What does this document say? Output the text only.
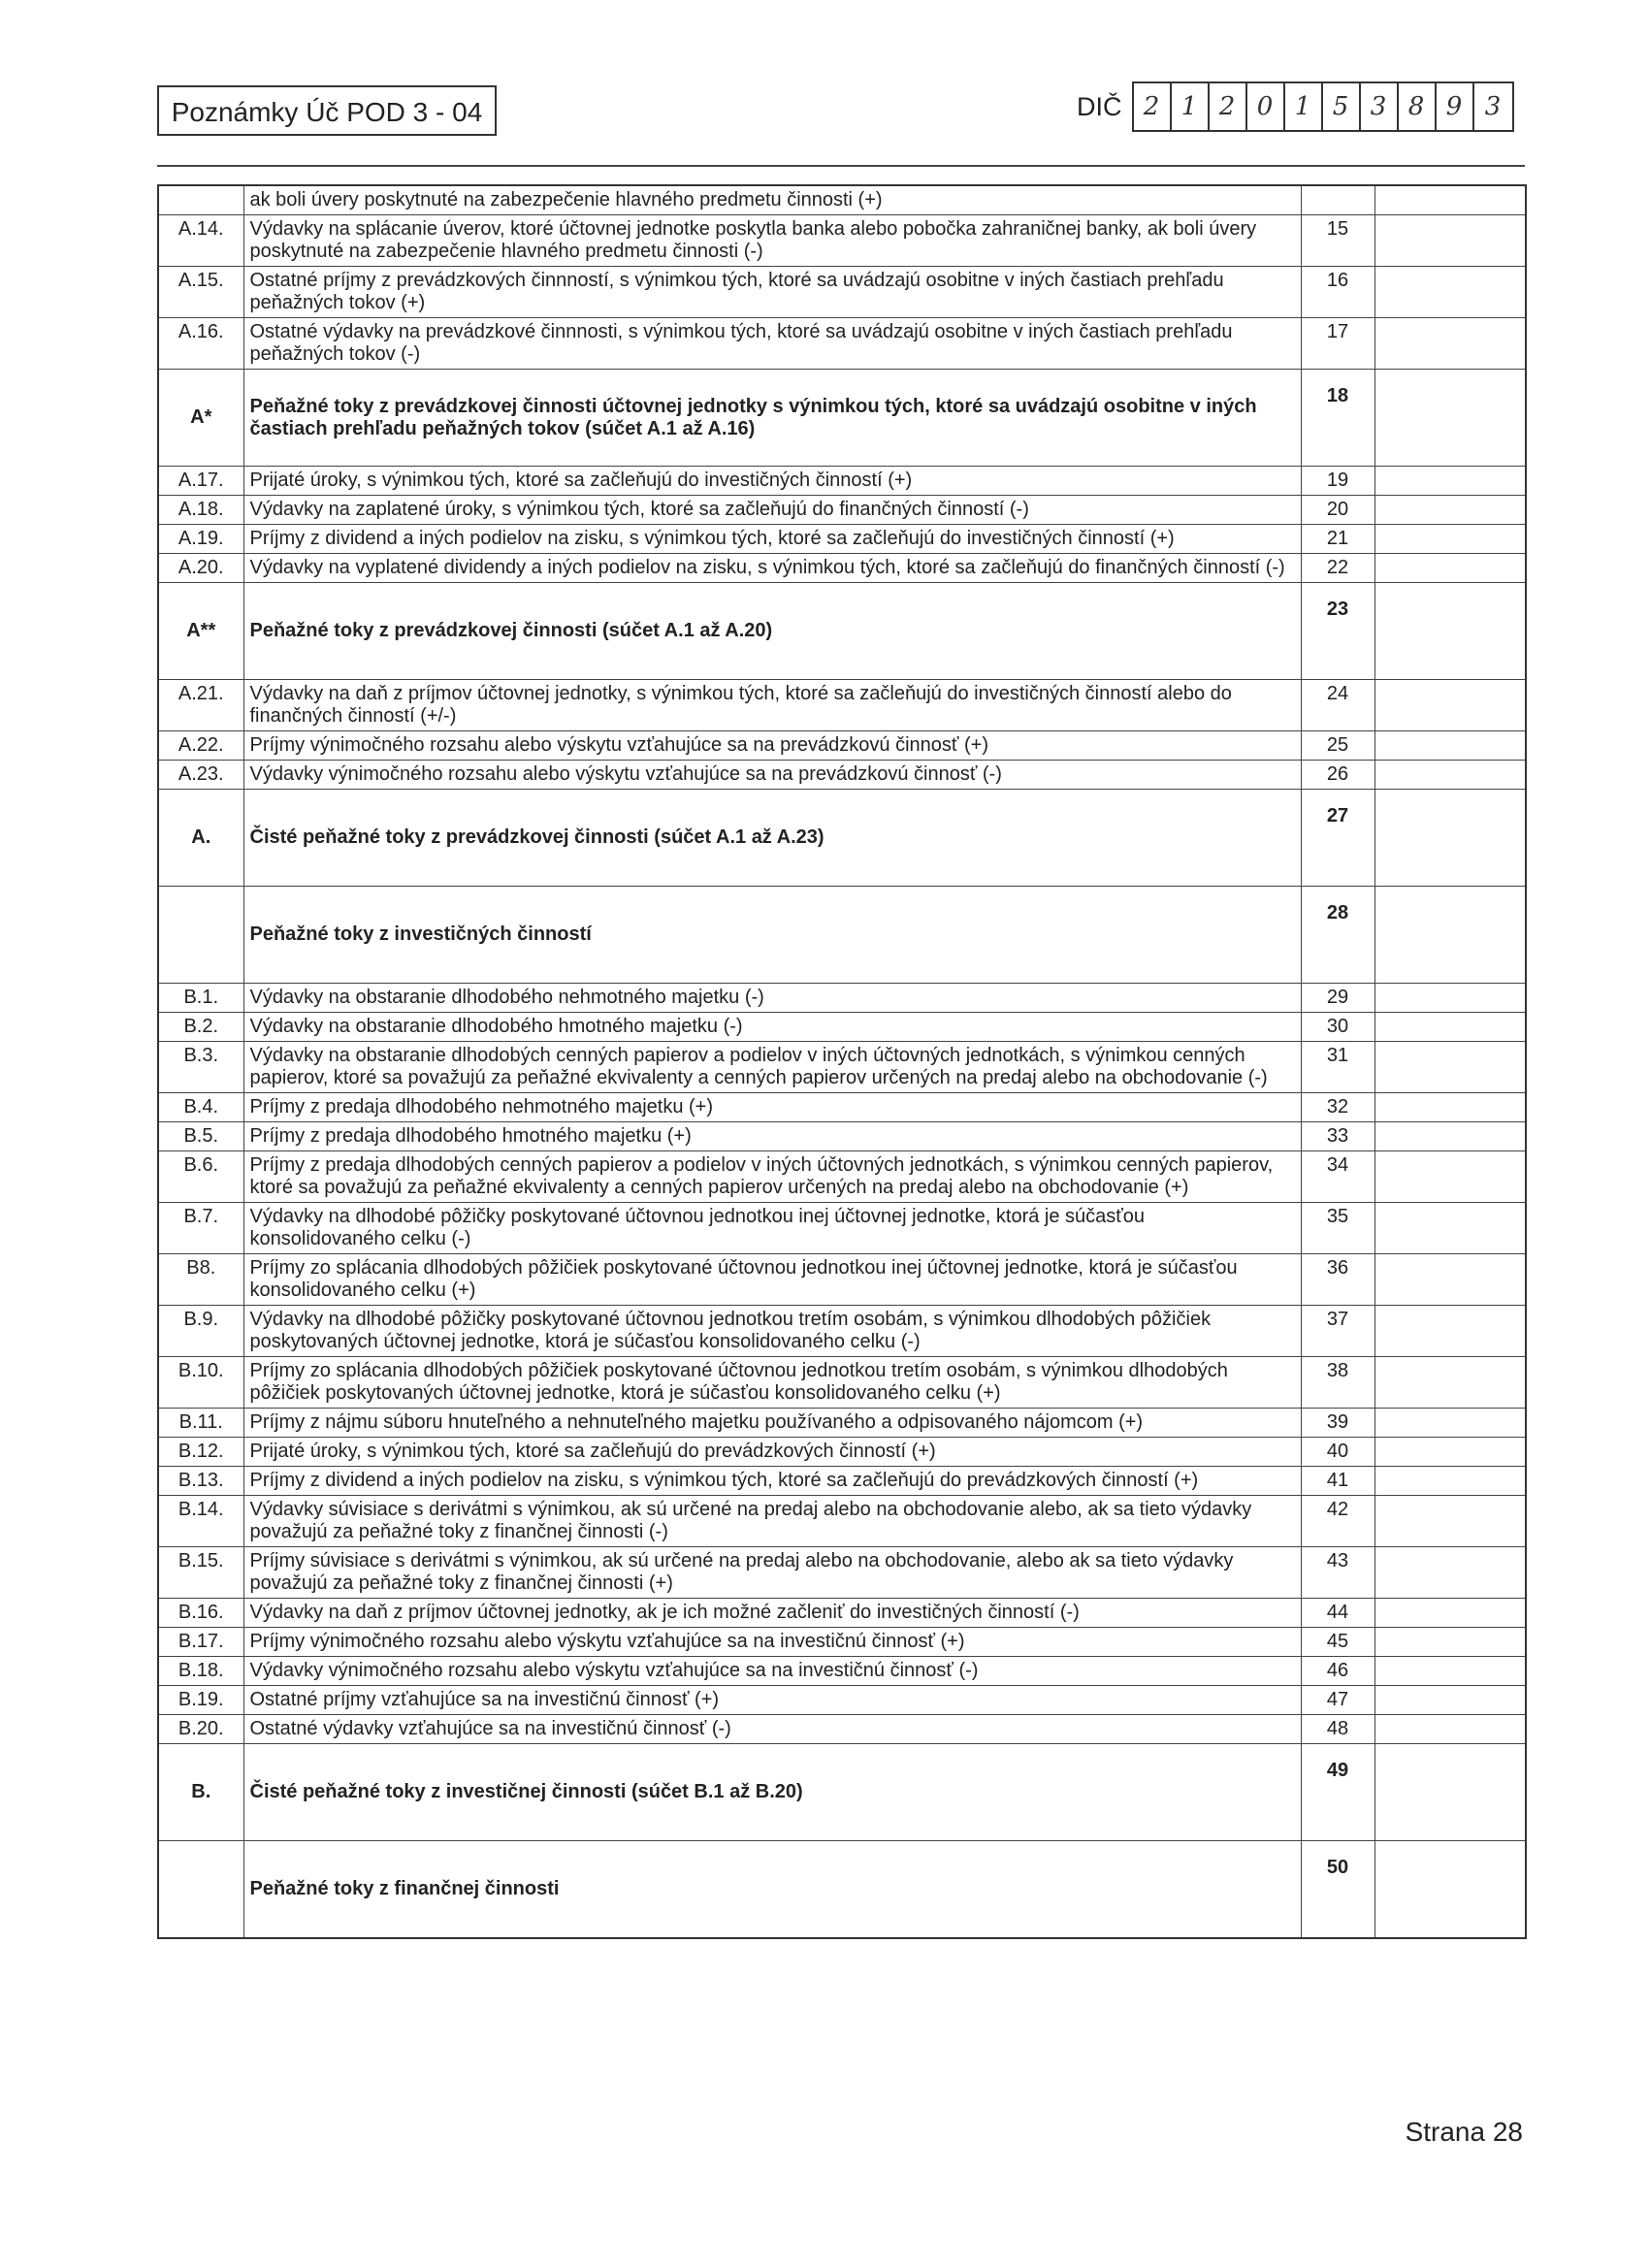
Poznámky Úč POD 3 - 04	DIČ 2 1 2 0 1 5 3 8 9 3
	ak boli úvery poskytnuté na zabezpečenie hlavného predmetu činnosti (+)		
A.14.	Výdavky na splácanie úverov, ktoré účtovnej jednotke poskytla banka alebo pobočka zahraničnej banky, ak boli úvery poskytnuté na zabezpečenie hlavného predmetu činnosti (-)	15	
A.15.	Ostatné príjmy z prevádzkových činnností, s výnimkou tých, ktoré sa uvádzajú osobitne v iných častiach prehľadu peňažných tokov (+)	16	
A.16.	Ostatné výdavky na prevádzkové činnnosti, s výnimkou tých, ktoré sa uvádzajú osobitne v iných častiach prehľadu peňažných tokov (-)	17	
A*	Peňažné toky z prevádzkovej činnosti účtovnej jednotky s výnimkou tých, ktoré sa uvádzajú osobitne v iných častiach prehľadu peňažných tokov (súčet A.1 až A.16)	18	
A.17.	Prijaté úroky, s výnimkou tých, ktoré sa začleňujú do investičných činností (+)	19	
A.18.	Výdavky na zaplatené úroky, s výnimkou tých, ktoré sa začleňujú do finančných činností (-)	20	
A.19.	Príjmy z dividend a iných podielov na zisku, s výnimkou tých, ktoré sa začleňujú do investičných činností (+)	21	
A.20.	Výdavky na vyplatené dividendy a iných podielov na zisku, s výnimkou tých, ktoré sa začleňujú do finančných činností (-)	22	
A**	Peňažné toky z prevádzkovej činnosti (súčet A.1 až A.20)	23	
A.21.	Výdavky na daň z príjmov účtovnej jednotky, s výnimkou tých, ktoré sa začleňujú do investičných činností alebo do finančných činností (+/-)	24	
A.22.	Príjmy výnimočného rozsahu alebo výskytu vzťahujúce sa na prevádzkovú činnosť (+)	25	
A.23.	Výdavky výnimočného rozsahu alebo výskytu vzťahujúce sa na prevádzkovú činnosť (-)	26	
A.	Čisté peňažné toky z prevádzkovej činnosti (súčet A.1 až A.23)	27	
	Peňažné toky z investičných činností	28	
B.1.	Výdavky na obstaranie dlhodobého nehmotného majetku (-)	29	
B.2.	Výdavky na obstaranie dlhodobého hmotného majetku (-)	30	
B.3.	Výdavky na obstaranie dlhodobých cenných papierov a podielov v iných účtovných jednotkách, s výnimkou cenných papierov, ktoré sa považujú za peňažné ekvivalenty a cenných papierov určených na predaj alebo na obchodovanie (-)	31	
B.4.	Príjmy z predaja dlhodobého nehmotného majetku (+)	32	
B.5.	Príjmy z predaja dlhodobého hmotného majetku (+)	33	
B.6.	Príjmy z predaja dlhodobých cenných papierov a podielov v iných účtovných jednotkách, s výnimkou cenných papierov, ktoré sa považujú za peňažné ekvivalenty a cenných papierov určených na predaj alebo na obchodovanie (+)	34	
B.7.	Výdavky na dlhodobé pôžičky poskytované účtovnou jednotkou inej účtovnej jednotke, ktorá je súčasťou konsolidovaného celku (-)	35	
B8.	Príjmy zo splácania dlhodobých pôžičiek poskytované účtovnou jednotkou inej účtovnej jednotke, ktorá je súčasťou konsolidovaného celku (+)	36	
B.9.	Výdavky na dlhodobé pôžičky poskytované účtovnou jednotkou tretím osobám, s výnimkou dlhodobých pôžičiek poskytovaných účtovnej jednotke, ktorá je súčasťou konsolidovaného celku (-)	37	
B.10.	Príjmy zo splácania dlhodobých pôžičiek poskytované účtovnou jednotkou tretím osobám, s výnimkou dlhodobých pôžičiek poskytovaných účtovnej jednotke, ktorá je súčasťou konsolidovaného celku (+)	38	
B.11.	Príjmy z nájmu súboru hnuteľného a nehnuteľného majetku používaného a odpisovaného nájomcom (+)	39	
B.12.	Prijaté úroky, s výnimkou tých, ktoré sa začleňujú do prevádzkových činností (+)	40	
B.13.	Príjmy z dividend a iných podielov na zisku, s výnimkou tých, ktoré sa začleňujú do prevádzkových činností (+)	41	
B.14.	Výdavky súvisiace s derivátmi s výnimkou, ak sú určené na predaj alebo na obchodovanie alebo, ak sa tieto výdavky považujú za peňažné toky z finančnej činnosti (-)	42	
B.15.	Príjmy súvisiace s derivátmi s výnimkou, ak sú určené na predaj alebo na obchodovanie, alebo ak sa tieto výdavky považujú za peňažné toky z finančnej činnosti (+)	43	
B.16.	Výdavky na daň z príjmov účtovnej jednotky, ak je ich možné začleniť do investičných činností (-)	44	
B.17.	Príjmy výnimočného rozsahu alebo výskytu vzťahujúce sa na investičnú činnosť (+)	45	
B.18.	Výdavky výnimočného rozsahu alebo výskytu vzťahujúce sa na investičnú činnosť (-)	46	
B.19.	Ostatné príjmy vzťahujúce sa na investičnú činnosť (+)	47	
B.20.	Ostatné výdavky vzťahujúce sa na investičnú činnosť (-)	48	
B.	Čisté peňažné toky z investičnej činnosti (súčet B.1 až B.20)	49	
	Peňažné toky z finančnej činnosti	50	
Strana 28
